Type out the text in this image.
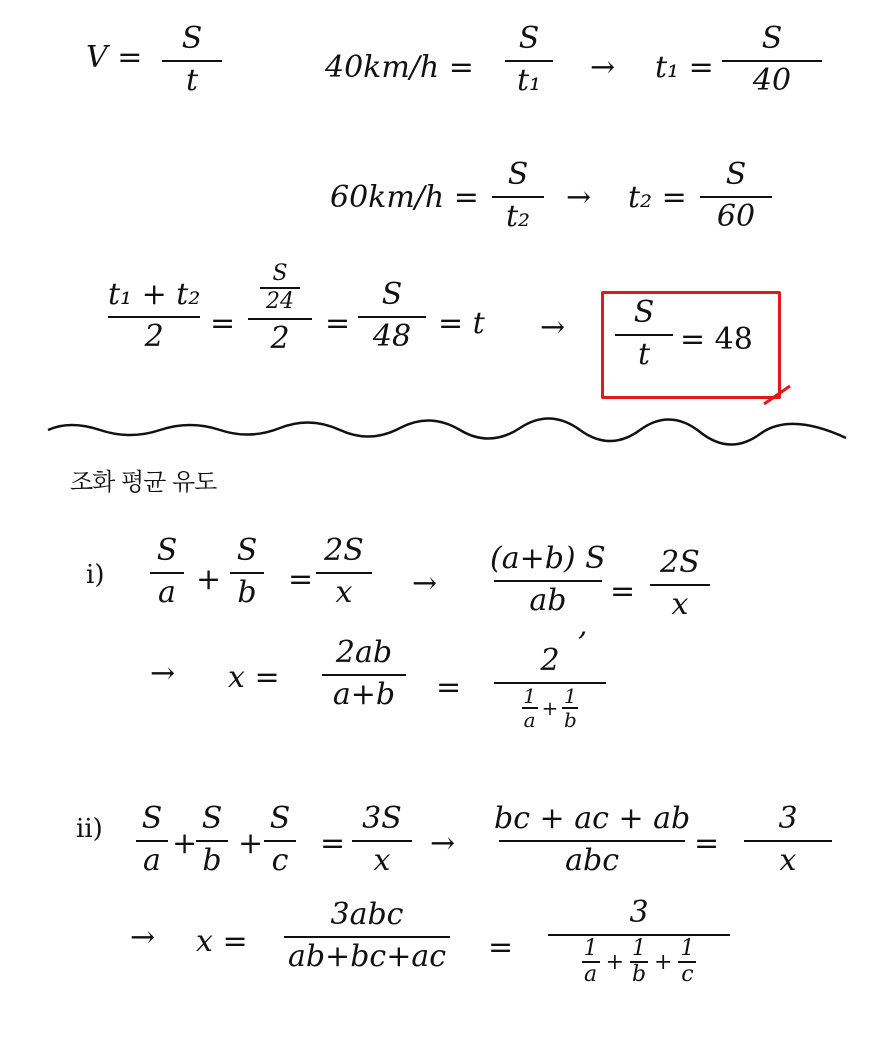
V =
S
t	40km/h =
S
t₁ → t₁ =
S
40
60km/h =
S
t₂
→ t₂ =
S
60
t₁ + t₂
2 =
$\frac{S}{24}$
2 =
S
48 = t → S
t = 48
조화 평균 유도
i)
S
a +
S
b =
2S
x →
(a+b) S
ab
,
=
2S
x
→ x =
2ab
a+b =
2
$\frac{1}{a} + \frac{1}{b}$
ii) S
a +
S
b +
S
c =
3S
x →
bc + ac + ab
abc =
3
x
→ x =
3abc
ab+bc+ac =
3
$\frac{1}{a} + \frac{1}{b} + \frac{1}{c}$
